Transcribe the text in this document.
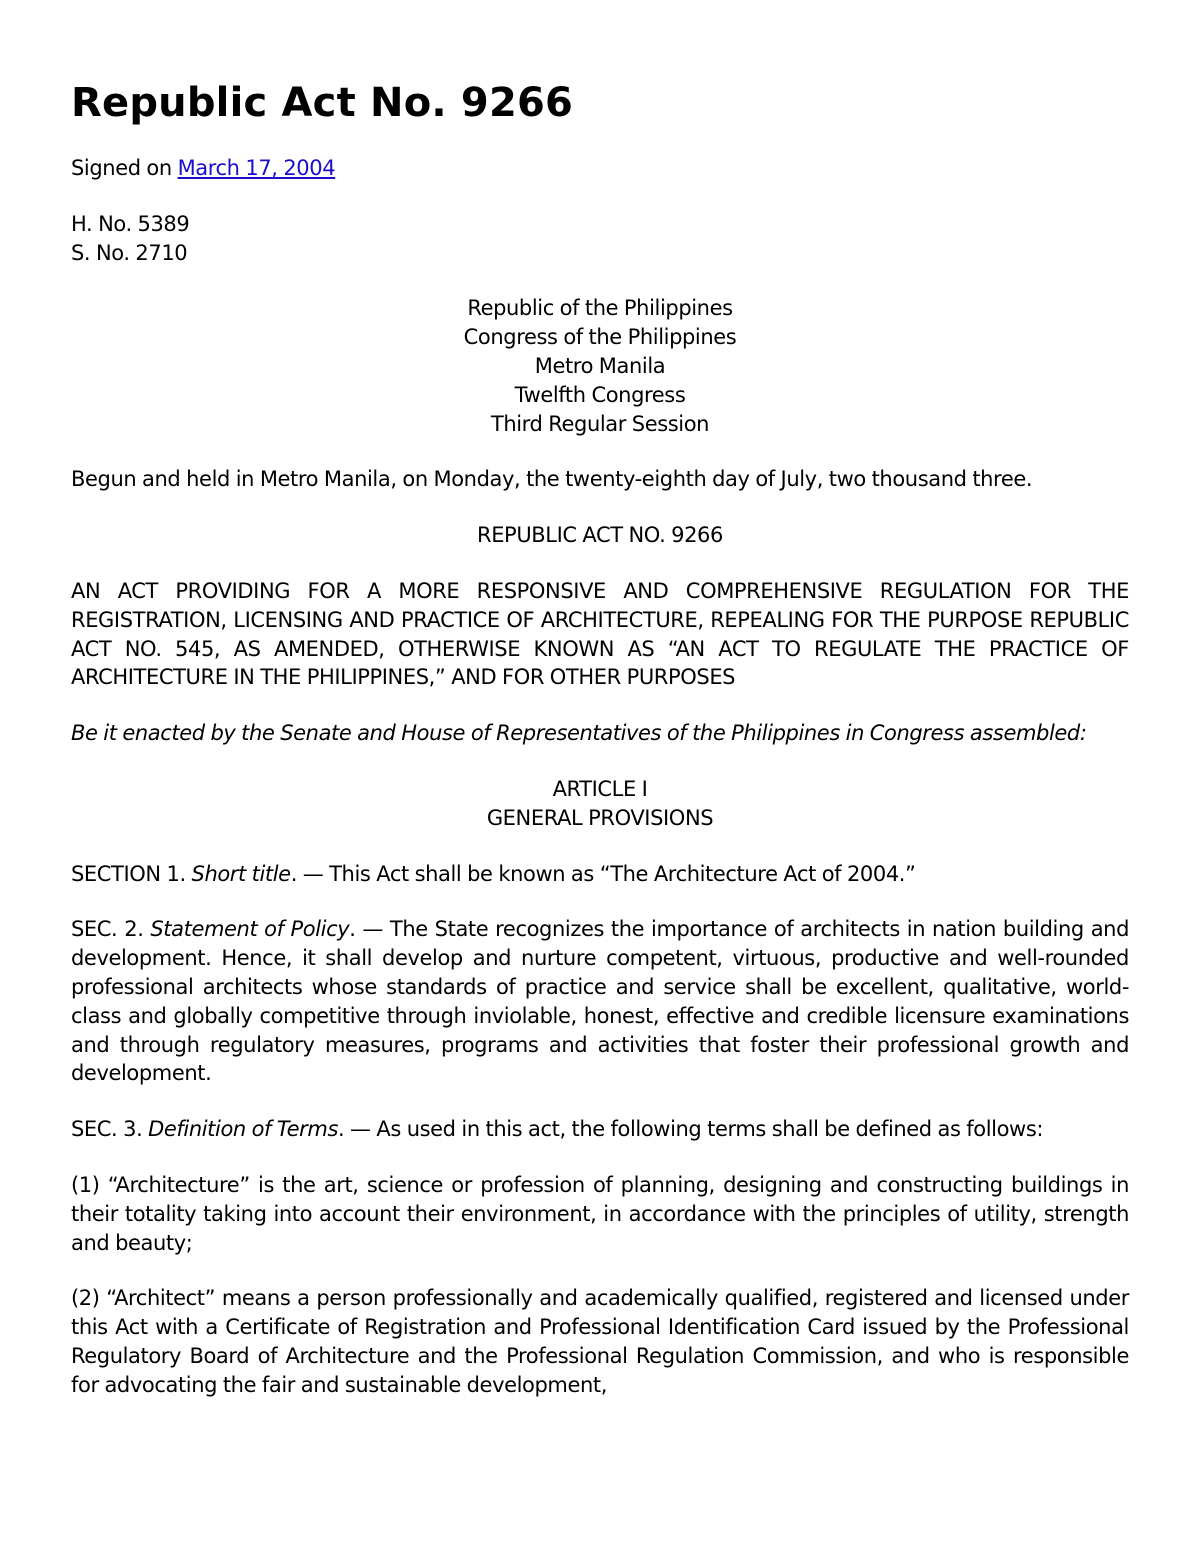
Republic Act No. 9266

Signed on March 17, 2004

H. No. 5389
S. No. 2710

Republic of the Philippines
Congress of the Philippines
Metro Manila
Twelfth Congress
Third Regular Session

Begun and held in Metro Manila, on Monday, the twenty-eighth day of July, two thousand three.

REPUBLIC ACT NO. 9266

AN ACT PROVIDING FOR A MORE RESPONSIVE AND COMPREHENSIVE REGULATION FOR THE REGISTRATION, LICENSING AND PRACTICE OF ARCHITECTURE, REPEALING FOR THE PURPOSE REPUBLIC ACT NO. 545, AS AMENDED, OTHERWISE KNOWN AS “AN ACT TO REGULATE THE PRACTICE OF ARCHITECTURE IN THE PHILIPPINES,” AND FOR OTHER PURPOSES

Be it enacted by the Senate and House of Representatives of the Philippines in Congress assembled:

ARTICLE I
GENERAL PROVISIONS

SECTION 1. Short title. — This Act shall be known as “The Architecture Act of 2004.”

SEC. 2. Statement of Policy. — The State recognizes the importance of architects in nation building and development. Hence, it shall develop and nurture competent, virtuous, productive and well-rounded professional architects whose standards of practice and service shall be excellent, qualitative, world-class and globally competitive through inviolable, honest, effective and credible licensure examinations and through regulatory measures, programs and activities that foster their professional growth and development.

SEC. 3. Definition of Terms. — As used in this act, the following terms shall be defined as follows:

(1) “Architecture” is the art, science or profession of planning, designing and constructing buildings in their totality taking into account their environment, in accordance with the principles of utility, strength and beauty;

(2) “Architect” means a person professionally and academically qualified, registered and licensed under this Act with a Certificate of Registration and Professional Identification Card issued by the Professional Regulatory Board of Architecture and the Professional Regulation Commission, and who is responsible for advocating the fair and sustainable development,
